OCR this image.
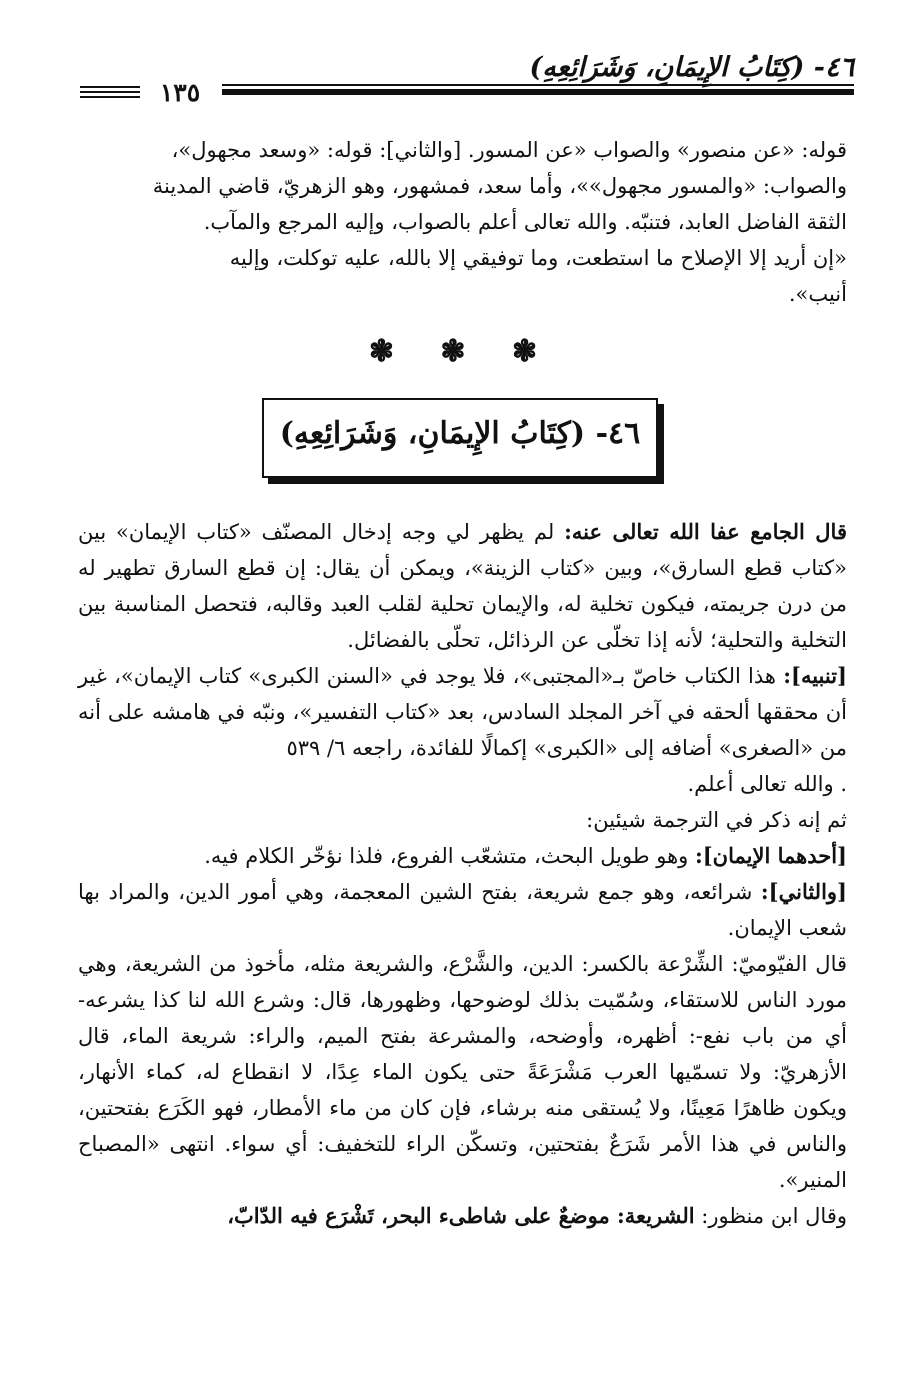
٤٦- (كِتَابُ الإِيمَانِ، وَشَرَائِعِهِ)
١٣٥

قوله: «عن منصور» والصواب «عن المسور. [والثاني]: قوله: «وسعد مجهول»،

والصواب: «والمسور مجهول»»، وأما سعد، فمشهور، وهو الزهريّ، قاضي المدينة

الثقة الفاضل العابد، فتنبّه. والله تعالى أعلم بالصواب، وإليه المرجع والمآب.

«إن أريد إلا الإصلاح ما استطعت، وما توفيقي إلا بالله، عليه توكلت، وإليه

أنيب».

❃ ❃ ❃
٤٦- (كِتَابُ الإِيمَانِ، وَشَرَائِعِهِ)

قال الجامع عفا الله تعالى عنه: لم يظهر لي وجه إدخال المصنّف «كتاب الإيمان» بين «كتاب قطع السارق»، وبين «كتاب الزينة»، ويمكن أن يقال: إن قطع السارق تطهير له من درن جريمته، فيكون تخلية له، والإيمان تحلية لقلب العبد وقالبه، فتحصل المناسبة بين التخلية والتحلية؛ لأنه إذا تخلّى عن الرذائل، تحلّى بالفضائل.

[تنبيه]: هذا الكتاب خاصّ بـ«المجتبى»، فلا يوجد في «السنن الكبرى» كتاب الإيمان»، غير أن محققها ألحقه في آخر المجلد السادس، بعد «كتاب التفسير»، ونبّه في هامشه على أنه من «الصغرى» أضافه إلى «الكبرى» إكمالًا للفائدة، راجعه ٦/ ٥٣٩
. والله تعالى أعلم.

ثم إنه ذكر في الترجمة شيئين:

[أحدهما الإيمان]: وهو طويل البحث، متشعّب الفروع، فلذا نؤخّر الكلام فيه.

[والثاني]: شرائعه، وهو جمع شريعة، بفتح الشين المعجمة، وهي أمور الدين، والمراد بها شعب الإيمان.

قال الفيّوميّ: الشِّرْعة بالكسر: الدين، والشَّرْع، والشريعة مثله، مأخوذ من الشريعة، وهي مورد الناس للاستقاء، وسُمّيت بذلك لوضوحها، وظهورها، قال: وشرع الله لنا كذا يشرعه- أي من باب نفع-: أظهره، وأوضحه، والمشرعة بفتح الميم، والراء: شريعة الماء، قال الأزهريّ: ولا تسمّيها العرب مَشْرَعَةً حتى يكون الماء عِدًا، لا انقطاع له، كماء الأنهار، ويكون ظاهرًا مَعِينًا، ولا يُستقى منه برشاء، فإن كان من ماء الأمطار، فهو الكَرَع بفتحتين، والناس في هذا الأمر شَرَعٌ بفتحتين، وتسكّن الراء للتخفيف: أي سواء. انتهى «المصباح المنير».

وقال ابن منظور: الشريعة: موضعٌ على شاطىء البحر، تَشْرَع فيه الدّابّ،
